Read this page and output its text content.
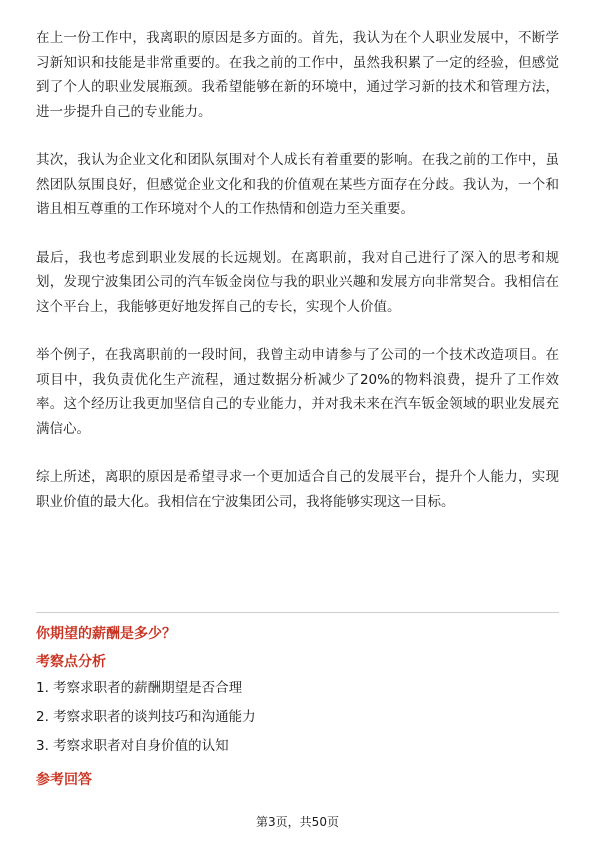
在上一份工作中，我离职的原因是多方面的。首先，我认为在个人职业发展中，不断学习新知识和技能是非常重要的。在我之前的工作中，虽然我积累了一定的经验，但感觉到了个人的职业发展瓶颈。我希望能够在新的环境中，通过学习新的技术和管理方法，进一步提升自己的专业能力。

其次，我认为企业文化和团队氛围对个人成长有着重要的影响。在我之前的工作中，虽然团队氛围良好，但感觉企业文化和我的价值观在某些方面存在分歧。我认为，一个和谐且相互尊重的工作环境对个人的工作热情和创造力至关重要。

最后，我也考虑到职业发展的长远规划。在离职前，我对自己进行了深入的思考和规划，发现宁波集团公司的汽车钣金岗位与我的职业兴趣和发展方向非常契合。我相信在这个平台上，我能够更好地发挥自己的专长，实现个人价值。

举个例子，在我离职前的一段时间，我曾主动申请参与了公司的一个技术改造项目。在项目中，我负责优化生产流程，通过数据分析减少了20%的物料浪费，提升了工作效率。这个经历让我更加坚信自己的专业能力，并对我未来在汽车钣金领域的职业发展充满信心。

综上所述，离职的原因是希望寻求一个更加适合自己的发展平台，提升个人能力，实现职业价值的最大化。我相信在宁波集团公司，我将能够实现这一目标。

你期望的薪酬是多少？
考察点分析
1. 考察求职者的薪酬期望是否合理
2. 考察求职者的谈判技巧和沟通能力
3. 考察求职者对自身价值的认知
参考回答
第3页，共50页
